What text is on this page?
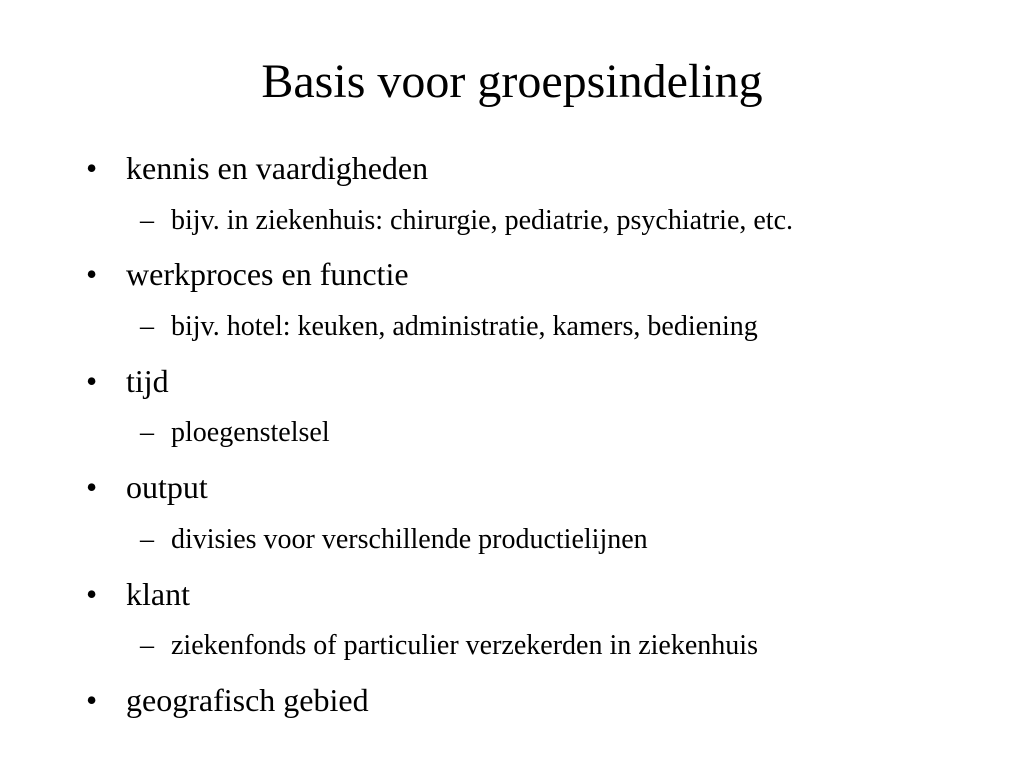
Basis voor groepsindeling
• kennis en vaardigheden
– bijv. in ziekenhuis: chirurgie, pediatrie, psychiatrie, etc.
• werkproces en functie
– bijv. hotel: keuken, administratie, kamers, bediening
• tijd
– ploegenstelsel
• output
– divisies voor verschillende productielijnen
• klant
– ziekenfonds of particulier verzekerden in ziekenhuis
• geografisch gebied
